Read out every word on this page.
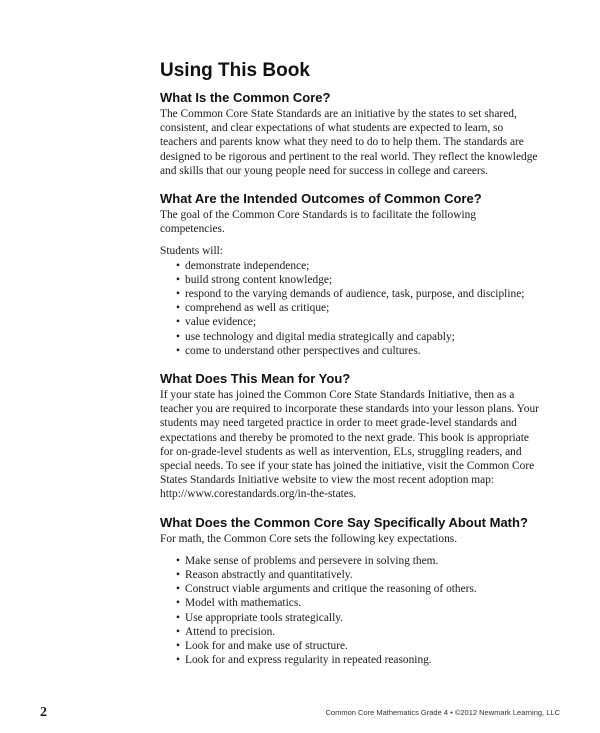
Using This Book
What Is the Common Core?

The Common Core State Standards are an initiative by the states to set shared, consistent, and clear expectations of what students are expected to learn, so teachers and parents know what they need to do to help them. The standards are designed to be rigorous and pertinent to the real world. They reflect the knowledge and skills that our young people need for success in college and careers.

What Are the Intended Outcomes of Common Core?

The goal of the Common Core Standards is to facilitate the following competencies.

Students will:

• demonstrate independence;
• build strong content knowledge;
• respond to the varying demands of audience, task, purpose, and discipline;
• comprehend as well as critique;
• value evidence;
• use technology and digital media strategically and capably;
• come to understand other perspectives and cultures.
What Does This Mean for You?

If your state has joined the Common Core State Standards Initiative, then as a teacher you are required to incorporate these standards into your lesson plans. Your students may need targeted practice in order to meet grade-level standards and expectations and thereby be promoted to the next grade. This book is appropriate for on-grade-level students as well as intervention, ELs, struggling readers, and special needs. To see if your state has joined the initiative, visit the Common Core States Standards Initiative website to view the most recent adoption map: http://www.corestandards.org/in-the-states.

What Does the Common Core Say Specifically About Math?

For math, the Common Core sets the following key expectations.

• Make sense of problems and persevere in solving them.
• Reason abstractly and quantitatively.
• Construct viable arguments and critique the reasoning of others.
• Model with mathematics.
• Use appropriate tools strategically.
• Attend to precision.
• Look for and make use of structure.
• Look for and express regularity in repeated reasoning.
2	Common Core Mathematics Grade 4 • ©2012 Newmark Learning, LLC
